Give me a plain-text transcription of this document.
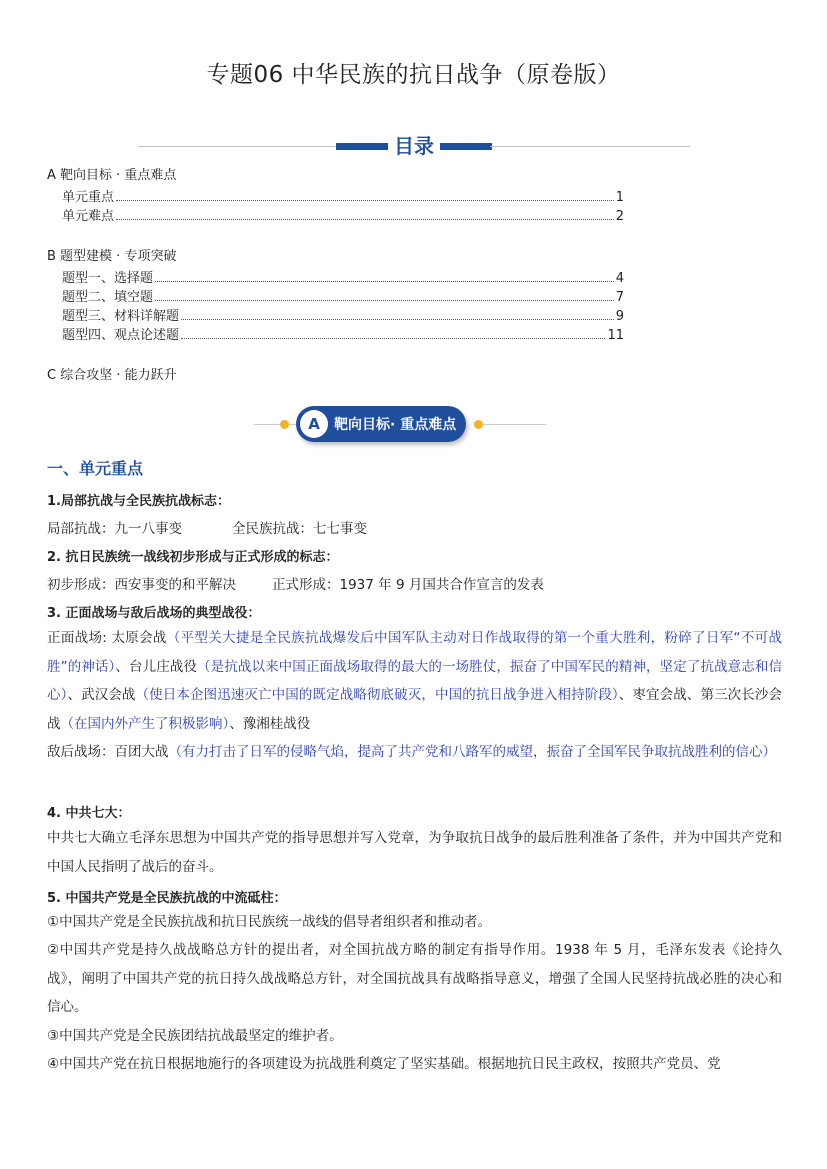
专题06 中华民族的抗日战争（原卷版）
目录
A 靶向目标 · 重点难点
单元重点	1
单元难点	2
B 题型建模 · 专项突破
题型一、选择题	4
题型二、填空题	7
题型三、材料详解题	9
题型四、观点论述题	11
C 综合攻坚 · 能力跃升
A	靶向目标· 重点难点
一、单元重点
1.局部抗战与全民族抗战标志：
局部抗战：九一八事变	全民族抗战：七七事变
2. 抗日民族统一战线初步形成与正式形成的标志：
初步形成：西安事变的和平解决	正式形成：1937 年 9 月国共合作宣言的发表
3. 正面战场与敌后战场的典型战役：
正面战场: 太原会战（平型关大捷是全民族抗战爆发后中国军队主动对日作战取得的第一个重大胜利，粉碎了日军“不可战胜”的神话）、台儿庄战役（是抗战以来中国正面战场取得的最大的一场胜仗，振奋了中国军民的精神，坚定了抗战意志和信心）、武汉会战（使日本企图迅速灭亡中国的既定战略彻底破灭，中国的抗日战争进入相持阶段）、枣宜会战、第三次长沙会战（在国内外产生了积极影响）、豫湘桂战役
敌后战场：百团大战（有力打击了日军的侵略气焰，提高了共产党和八路军的威望，振奋了全国军民争取抗战胜利的信心）
4. 中共七大：
中共七大确立毛泽东思想为中国共产党的指导思想并写入党章，为争取抗日战争的最后胜利准备了条件，并为中国共产党和中国人民指明了战后的奋斗。
5. 中国共产党是全民族抗战的中流砥柱：
①中国共产党是全民族抗战和抗日民族统一战线的倡导者组织者和推动者。
②中国共产党是持久战战略总方针的提出者，对全国抗战方略的制定有指导作用。1938 年 5 月，毛泽东发表《论持久战》，阐明了中国共产党的抗日持久战战略总方针，对全国抗战具有战略指导意义，增强了全国人民坚持抗战必胜的决心和信心。
③中国共产党是全民族团结抗战最坚定的维护者。
④中国共产党在抗日根据地施行的各项建设为抗战胜利奠定了坚实基础。根据地抗日民主政权，按照共产党员、党
